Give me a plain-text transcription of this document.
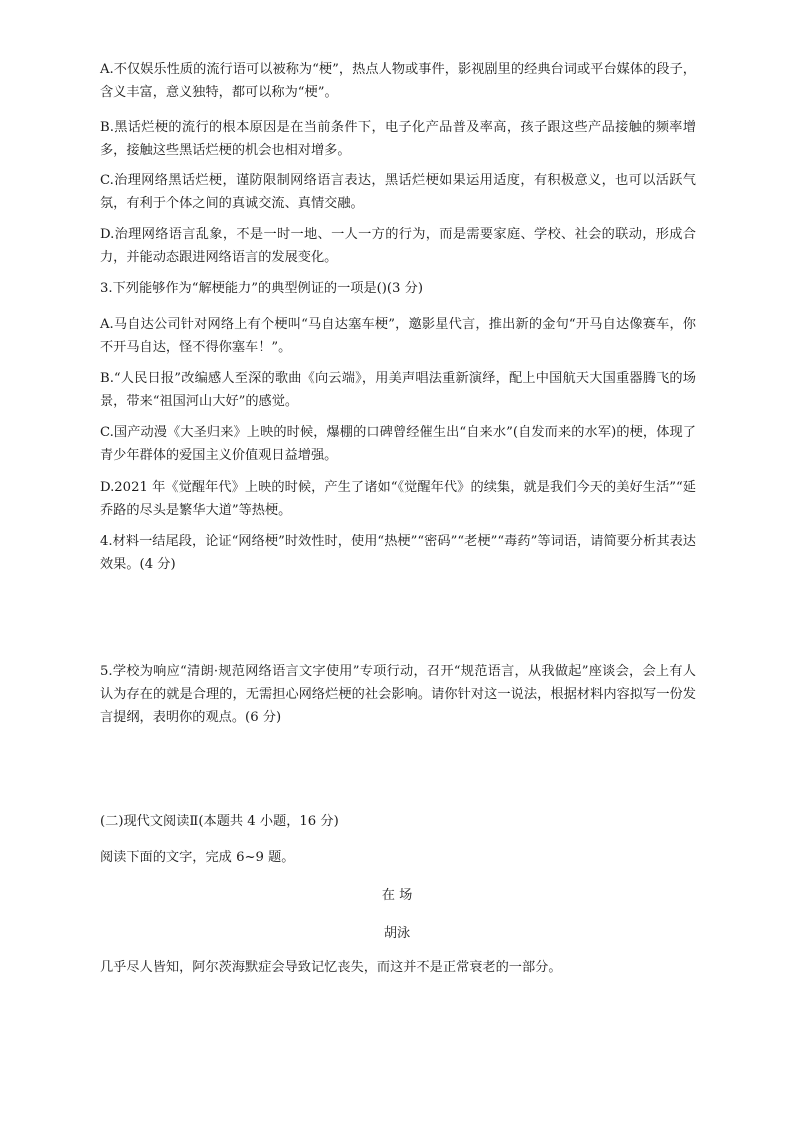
A.不仅娱乐性质的流行语可以被称为“梗”，热点人物或事件，影视剧里的经典台词或平台媒体的段子，含义丰富，意义独特，都可以称为“梗”。

B.黑话烂梗的流行的根本原因是在当前条件下，电子化产品普及率高，孩子跟这些产品接触的频率增多，接触这些黑话烂梗的机会也相对增多。

C.治理网络黑话烂梗，谨防限制网络语言表达，黑话烂梗如果运用适度，有积极意义，也可以活跃气氛，有利于个体之间的真诚交流、真情交融。

D.治理网络语言乱象，不是一时一地、一人一方的行为，而是需要家庭、学校、社会的联动，形成合力，并能动态跟进网络语言的发展变化。

3.下列能够作为“解梗能力”的典型例证的一项是()(3 分)

A.马自达公司针对网络上有个梗叫“马自达塞车梗”，邀影星代言，推出新的金句“开马自达像赛车，你不开马自达，怪不得你塞车！”。

B.“人民日报”改编感人至深的歌曲《向云端》，用美声唱法重新演绎，配上中国航天大国重器腾飞的场景，带来“祖国河山大好”的感觉。

C.国产动漫《大圣归来》上映的时候，爆棚的口碑曾经催生出“自来水”(自发而来的水军)的梗，体现了青少年群体的爱国主义价值观日益增强。

D.2021 年《觉醒年代》上映的时候，产生了诸如“《觉醒年代》的续集，就是我们今天的美好生活”“延乔路的尽头是繁华大道”等热梗。

4.材料一结尾段，论证“网络梗”时效性时，使用“热梗”“密码”“老梗”“毒药”等词语，请简要分析其表达效果。(4 分)

5.学校为响应“清朗·规范网络语言文字使用”专项行动，召开“规范语言，从我做起”座谈会，会上有人认为存在的就是合理的，无需担心网络烂梗的社会影响。请你针对这一说法，根据材料内容拟写一份发言提纲，表明你的观点。(6 分)

(二)现代文阅读Ⅱ(本题共 4 小题，16 分)

阅读下面的文字，完成 6~9 题。

在 场

胡泳

几乎尽人皆知，阿尔茨海默症会导致记忆丧失，而这并不是正常衰老的一部分。
